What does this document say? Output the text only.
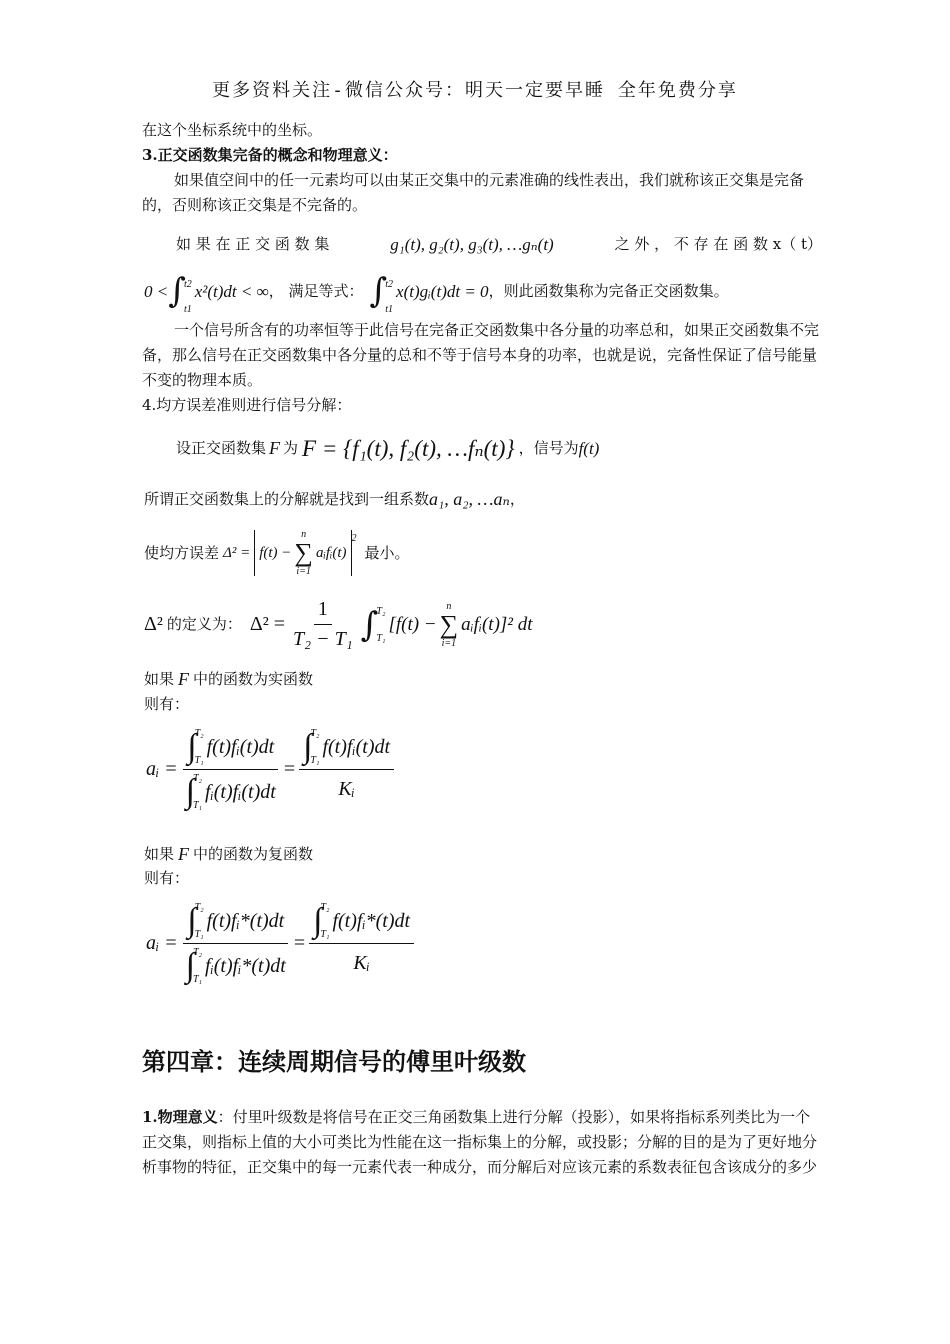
更多资料关注-微信公众号：明天一定要早睡 全年免费分享
在这个坐标系统中的坐标。
3.正交函数集完备的概念和物理意义：
如果值空间中的任一元素均可以由某正交集中的元素准确的线性表出，我们就称该正交集是完备的，否则称该正交集是不完备的。
如 果 在 正 交 函 数 集	g₁(t), g₂(t), g₃(t), …gₙ(t)	之 外 ， 不 存 在 函 数 x（ t）
0 < ∫
t2
t1
x²(t)dt < ∞ ， 满足等式： ∫
t2
t1
x(t)gᵢ(t)dt = 0 ，则此函数集称为完备正交函数集。
一个信号所含有的功率恒等于此信号在完备正交函数集中各分量的功率总和，如果正交函数集不完备，那么信号在正交函数集中各分量的总和不等于信号本身的功率，也就是说，完备性保证了信号能量不变的物理本质。
4.均方误差准则进行信号分解：
设正交函数集 F 为 F = {f₁(t), f₂(t), …fₙ(t)} ，信号为 f(t)
所谓正交函数集上的分解就是找到一组系数 a₁, a₂, …aₙ ，
使均方误差 Δ² = f(t) −
n
∑
i=1
aᵢfᵢ(t)
$^2$
最小。
Δ² 的定义为： $\Delta^2 = \frac{1}{\text{T₂ − T₁}}$ ∫
T₂
T₁
[f(t) −
n
∑
i=1
aᵢfᵢ(t)]² dt
如果 F 中的函数为实函数
则有：
aᵢ = ∫
T₂
T₁
f(t)fᵢ(t)dt
∫
T₂
T₁
fᵢ(t)fᵢ(t)dt = ∫
T₂
T₁
f(t)fᵢ(t)dt
Kᵢ
如果 F 中的函数为复函数
则有：
aᵢ = ∫
T₂
T₁
f(t)fᵢ*(t)dt
∫
T₂
T₁
fᵢ(t)fᵢ*(t)dt = ∫
T₂
T₁
f(t)fᵢ*(t)dt
Kᵢ
第四章：连续周期信号的傅里叶级数
1.物理意义：付里叶级数是将信号在正交三角函数集上进行分解（投影），如果将指标系列类比为一个正交集，则指标上值的大小可类比为性能在这一指标集上的分解，或投影；分解的目的是为了更好地分析事物的特征，正交集中的每一元素代表一种成分，而分解后对应该元素的系数表征包含该成分的多少
